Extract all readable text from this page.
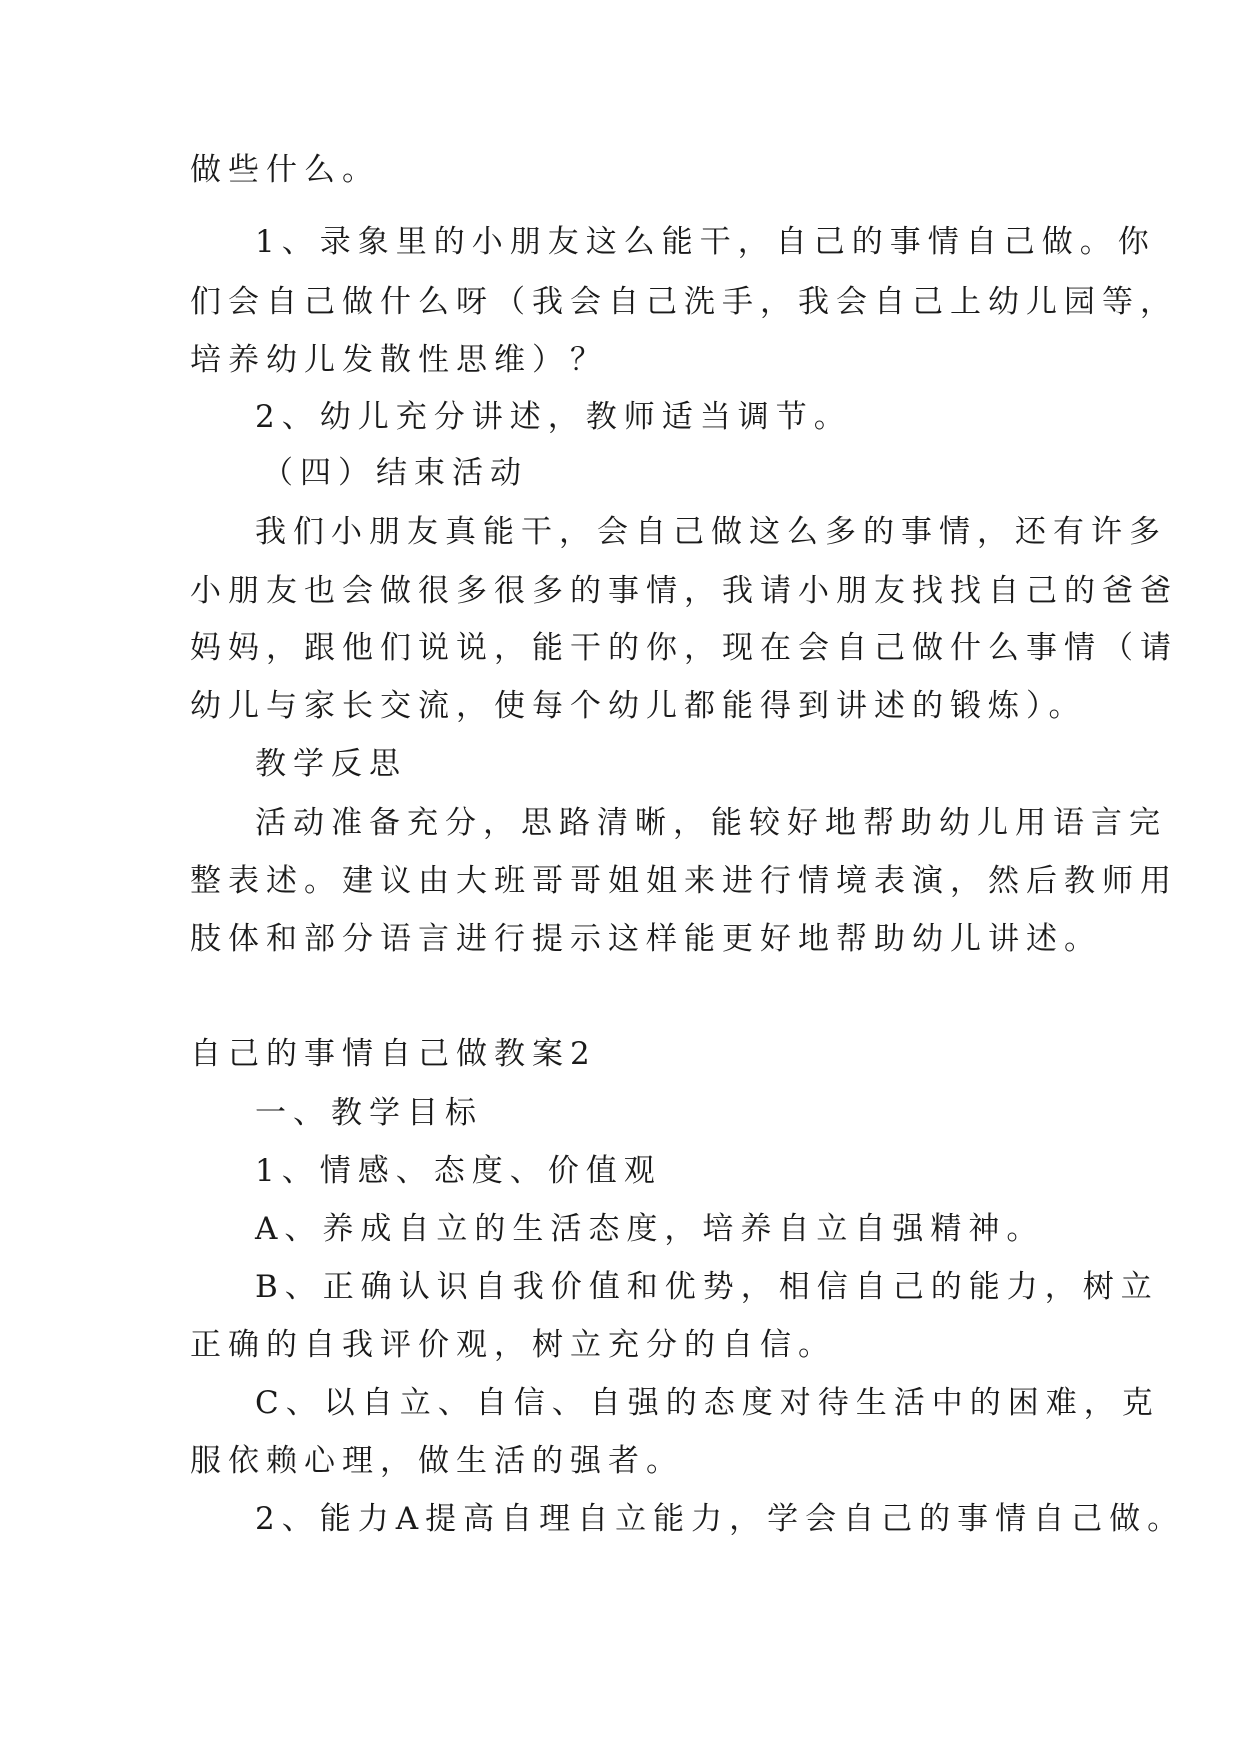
做些什么。
1、录象里的小朋友这么能干，自己的事情自己做。你
们会自己做什么呀（我会自己洗手，我会自己上幼儿园等，
培养幼儿发散性思维）？
2、幼儿充分讲述，教师适当调节。
（四）结束活动
我们小朋友真能干，会自己做这么多的事情，还有许多
小朋友也会做很多很多的事情，我请小朋友找找自己的爸爸
妈妈，跟他们说说，能干的你，现在会自己做什么事情（请
幼儿与家长交流，使每个幼儿都能得到讲述的锻炼）。
教学反思
活动准备充分，思路清晰，能较好地帮助幼儿用语言完
整表述。建议由大班哥哥姐姐来进行情境表演，然后教师用
肢体和部分语言进行提示这样能更好地帮助幼儿讲述。
自己的事情自己做教案2
一、教学目标
1、情感、态度、价值观
A、养成自立的生活态度，培养自立自强精神。
B、正确认识自我价值和优势，相信自己的能力，树立
正确的自我评价观，树立充分的自信。
C、以自立、自信、自强的态度对待生活中的困难，克
服依赖心理，做生活的强者。
2、能力A提高自理自立能力，学会自己的事情自己做。
